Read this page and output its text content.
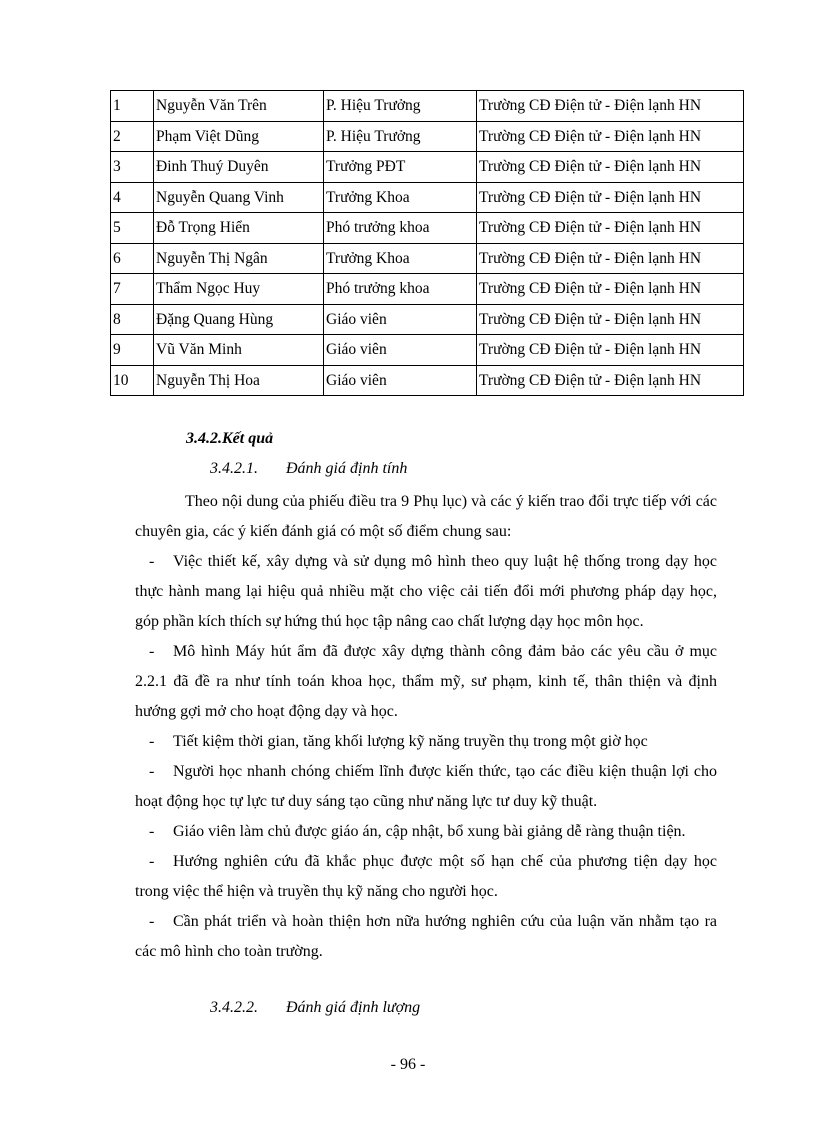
1	Nguyễn Văn Trên	P. Hiệu Trưởng	Trường CĐ Điện tử - Điện lạnh HN
2	Phạm Việt Dũng	P. Hiệu Trưởng	Trường CĐ Điện tử - Điện lạnh HN
3	Đinh Thuý Duyên	Trưởng PĐT	Trường CĐ Điện tử - Điện lạnh HN
4	Nguyễn Quang Vinh	Trưởng Khoa	Trường CĐ Điện tử - Điện lạnh HN
5	Đỗ Trọng Hiển	Phó trưởng khoa	Trường CĐ Điện tử - Điện lạnh HN
6	Nguyễn Thị Ngân	Trưởng Khoa	Trường CĐ Điện tử - Điện lạnh HN
7	Thẩm Ngọc Huy	Phó trưởng khoa	Trường CĐ Điện tử - Điện lạnh HN
8	Đặng Quang Hùng	Giáo viên	Trường CĐ Điện tử - Điện lạnh HN
9	Vũ Văn Minh	Giáo viên	Trường CĐ Điện tử - Điện lạnh HN
10	Nguyễn Thị Hoa	Giáo viên	Trường CĐ Điện tử - Điện lạnh HN
3.4.2.Kết quả
3.4.2.1. Đánh giá định tính

Theo nội dung của phiếu điều tra 9 Phụ lục) và các ý kiến trao đổi trực tiếp với các chuyên gia, các ý kiến đánh giá có một số điểm chung sau:

- Việc thiết kế, xây dựng và sử dụng mô hình theo quy luật hệ thống trong dạy học thực hành mang lại hiệu quả nhiều mặt cho việc cải tiến đổi mới phương pháp dạy học, góp phần kích thích sự hứng thú học tập nâng cao chất lượng dạy học môn học.

- Mô hình Máy hút ẩm đã được xây dựng thành công đảm bảo các yêu cầu ở mục 2.2.1 đã đề ra như tính toán khoa học, thẩm mỹ, sư phạm, kinh tế, thân thiện và định hướng gợi mở cho hoạt động dạy và học.

- Tiết kiệm thời gian, tăng khối lượng kỹ năng truyền thụ trong một giờ học

- Người học nhanh chóng chiếm lĩnh được kiến thức, tạo các điều kiện thuận lợi cho hoạt động học tự lực tư duy sáng tạo cũng như năng lực tư duy kỹ thuật.

- Giáo viên làm chủ được giáo án, cập nhật, bổ xung bài giảng dễ ràng thuận tiện.

- Hướng nghiên cứu đã khắc phục được một số hạn chế của phương tiện dạy học trong việc thể hiện và truyền thụ kỹ năng cho người học.

- Cần phát triển và hoàn thiện hơn nữa hướng nghiên cứu của luận văn nhằm tạo ra các mô hình cho toàn trường.

3.4.2.2. Đánh giá định lượng
- 96 -
